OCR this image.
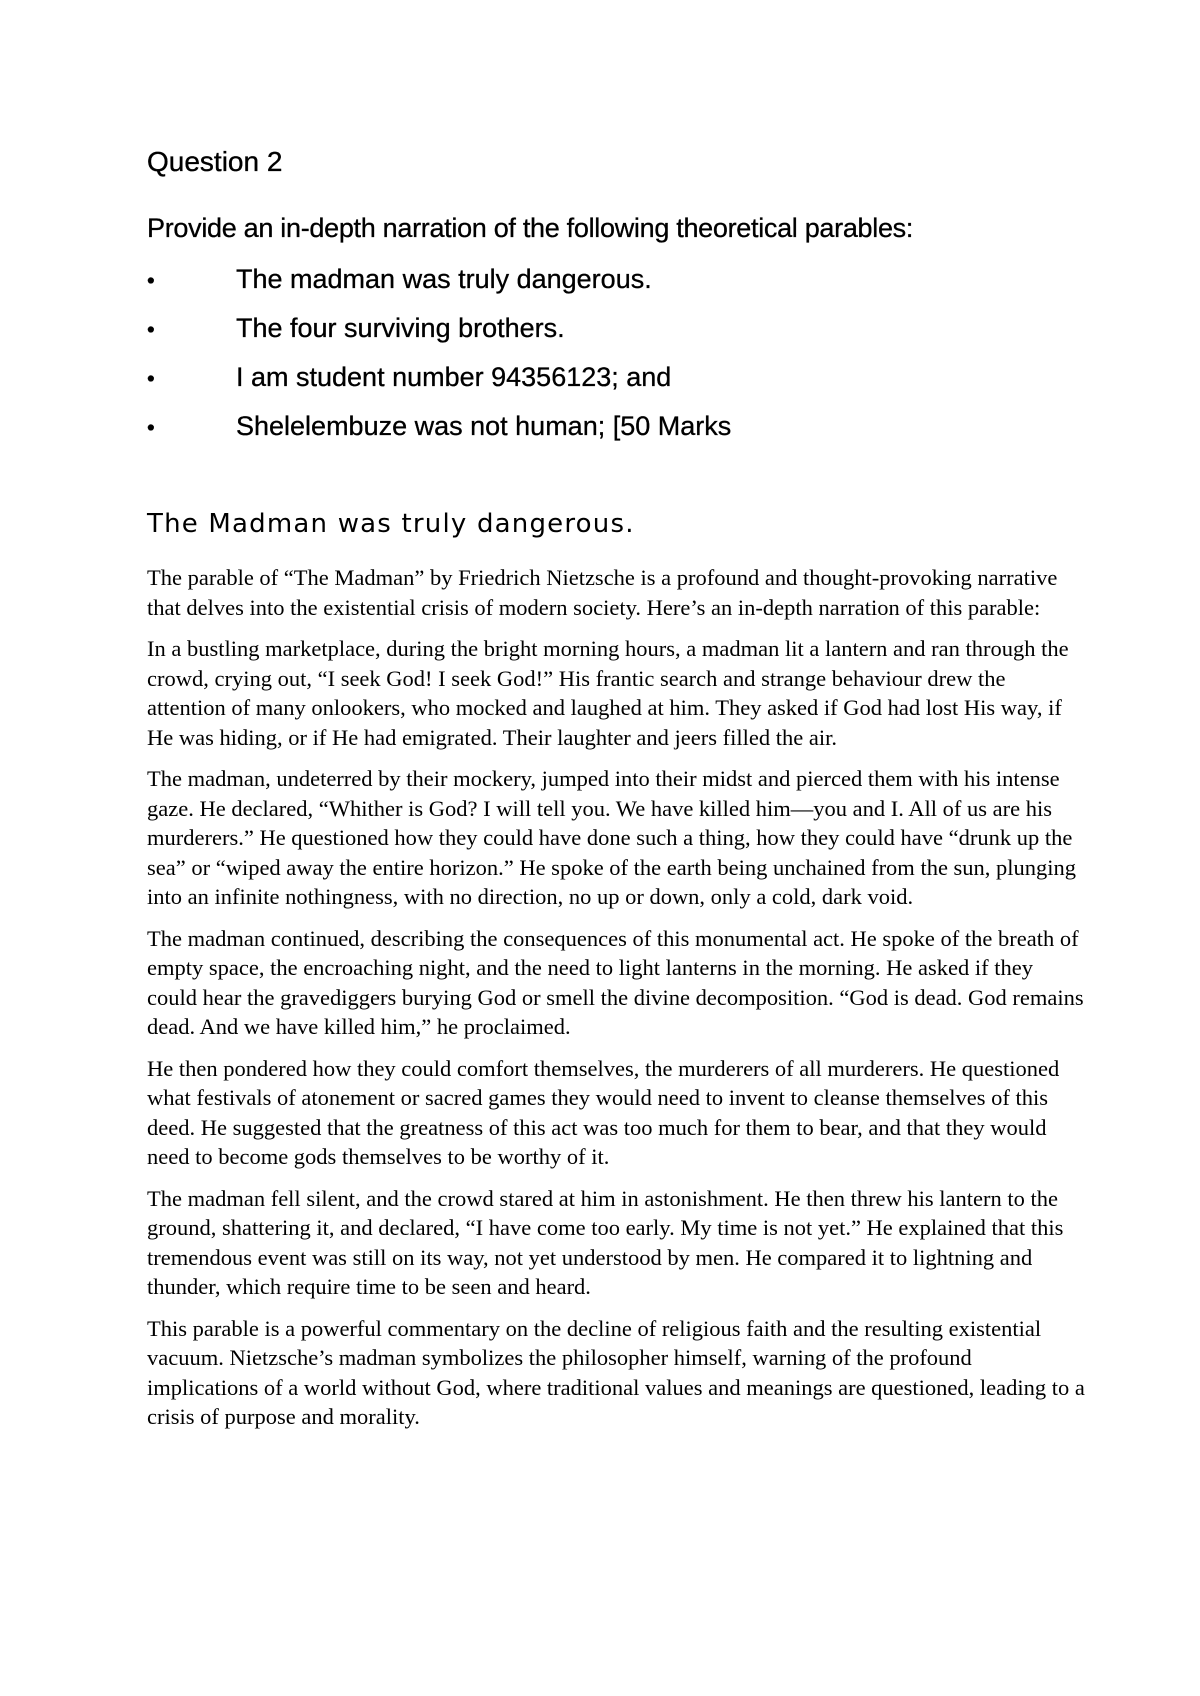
Question 2

Provide an in-depth narration of the following theoretical parables:

•	The madman was truly dangerous.
•	The four surviving brothers.
•	I am student number 94356123; and
•	Shelelembuze was not human; [50 Marks
The Madman was truly dangerous.

The parable of “The Madman” by Friedrich Nietzsche is a profound and thought-provoking narrative that delves into the existential crisis of modern society. Here’s an in-depth narration of this parable:

In a bustling marketplace, during the bright morning hours, a madman lit a lantern and ran through the crowd, crying out, “I seek God! I seek God!” His frantic search and strange behaviour drew the attention of many onlookers, who mocked and laughed at him. They asked if God had lost His way, if He was hiding, or if He had emigrated. Their laughter and jeers filled the air.

The madman, undeterred by their mockery, jumped into their midst and pierced them with his intense gaze. He declared, “Whither is God? I will tell you. We have killed him—you and I. All of us are his murderers.” He questioned how they could have done such a thing, how they could have “drunk up the sea” or “wiped away the entire horizon.” He spoke of the earth being unchained from the sun, plunging into an infinite nothingness, with no direction, no up or down, only a cold, dark void.

The madman continued, describing the consequences of this monumental act. He spoke of the breath of empty space, the encroaching night, and the need to light lanterns in the morning. He asked if they could hear the gravediggers burying God or smell the divine decomposition. “God is dead. God remains dead. And we have killed him,” he proclaimed.

He then pondered how they could comfort themselves, the murderers of all murderers. He questioned what festivals of atonement or sacred games they would need to invent to cleanse themselves of this deed. He suggested that the greatness of this act was too much for them to bear, and that they would need to become gods themselves to be worthy of it.

The madman fell silent, and the crowd stared at him in astonishment. He then threw his lantern to the ground, shattering it, and declared, “I have come too early. My time is not yet.” He explained that this tremendous event was still on its way, not yet understood by men. He compared it to lightning and thunder, which require time to be seen and heard.

This parable is a powerful commentary on the decline of religious faith and the resulting existential vacuum. Nietzsche’s madman symbolizes the philosopher himself, warning of the profound implications of a world without God, where traditional values and meanings are questioned, leading to a crisis of purpose and morality.
